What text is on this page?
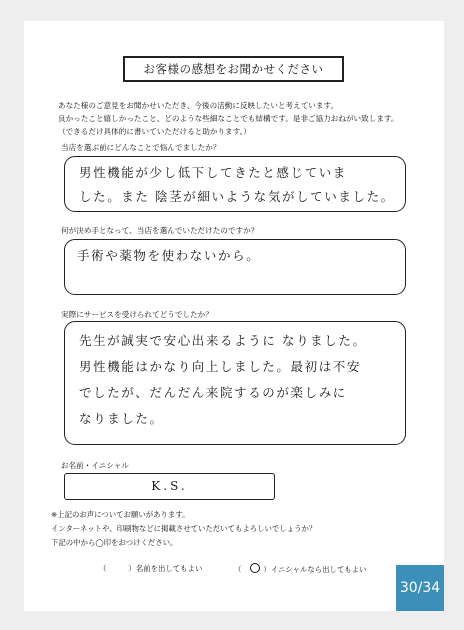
お客様の感想をお聞かせください
あなた様のご意見をお聞かせいただき、今後の活動に反映したいと考えています。
良かったこと嬉しかったこと、どのような些細なことでも結構です。是非ご協力おねがい致します。
（できるだけ具体的に書いていただけると助かります。）
当店を選ぶ前にどんなことで悩んでましたか？
男性機能が少し低下してきたと感じていま
した。また 陰茎が細いような気がしていました。
何が決め手となって、当店を選んでいただけたのですか？
手術や薬物を使わないから。
実際にサービスを受けられてどうでしたか？
先生が誠実で安心出来るように なりました。
男性機能はかなり向上しました。最初は不安
でしたが、だんだん来院するのが楽しみに
なりました。
お名前・イニシャル
K.S.
※上記のお声についてお願いがあります。
インターネットや、印刷物などに掲載させていただいてもよろしいでしょうか？
下記の中から◯印をおつけください。
（	）名前を出してもよい	（ ○ ）イニシャルなら出してもよい
30/34
